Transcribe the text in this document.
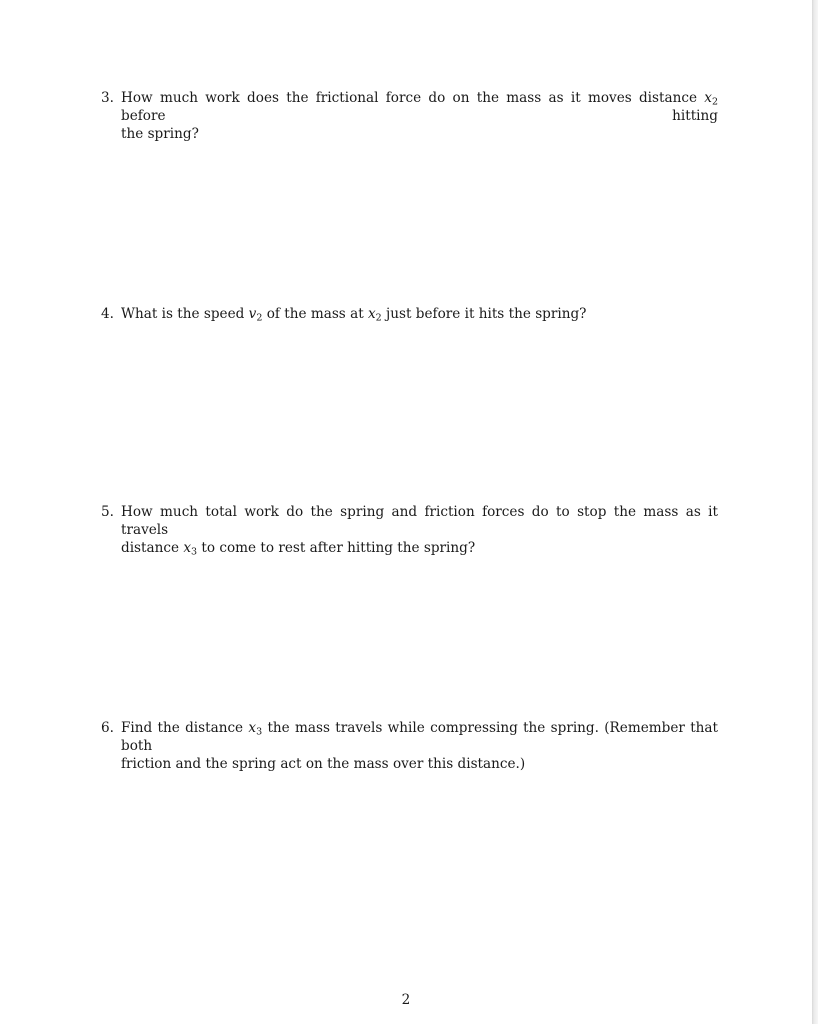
3. How much work does the frictional force do on the mass as it moves distance $x_2$ before hitting
the spring?
4. What is the speed $v_2$ of the mass at $x_2$ just before it hits the spring?
5. How much total work do the spring and friction forces do to stop the mass as it travels
distance $x_3$ to come to rest after hitting the spring?
6. Find the distance $x_3$ the mass travels while compressing the spring. (Remember that both
friction and the spring act on the mass over this distance.)
2
